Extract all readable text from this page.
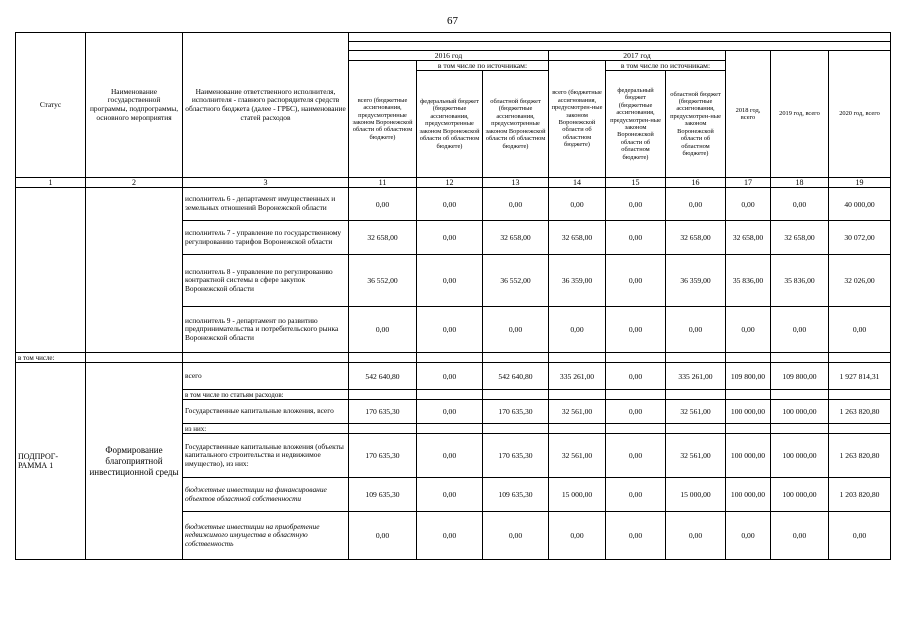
67
Статус	Наименование государственной программы, подпрограммы, основного мероприятия	Наименование ответственного исполнителя, исполнителя - главного распорядителя средств областного бюджета (далее - ГРБС), наименование статей расходов									

			2016 год			2017 год			2018 год, всего	2019 год, всего	2020 год, всего
			всего (бюджетные ассигнования, предусмотренные законом Воронежской области об областном бюджете)	в том числе по источникам:		всего (бюджетные ассигнования, предусмотрен-ные законом Воронежской области об областном бюджете)	в том числе по источникам:				
				федеральный бюджет (бюджетные ассигнования, предусмотренные законом Воронежской области об областном бюджете)	областной бюджет (бюджетные ассигнования, предусмотренные законом Воронежской области об областном бюджете)		федеральный бюджет (бюджетные ассигнования, предусмотрен-ные законом Воронежской области об областном бюджете)	областной бюджет (бюджетные ассигнования, предусмотрен-ные законом Воронежской области об областном бюджете)			
1	2	3	11	12	13	14	15	16	17	18	19
		исполнитель 6 - департамент имущественных и земельных отношений Воронежской области	0,00	0,00	0,00	0,00	0,00	0,00	0,00	0,00	40 000,00
		исполнитель 7 - управление по государственному регулированию тарифов Воронежской области	32 658,00	0,00	32 658,00	32 658,00	0,00	32 658,00	32 658,00	32 658,00	30 072,00
		исполнитель 8 - управление по регулированию контрактной системы в сфере закупок Воронежской области	36 552,00	0,00	36 552,00	36 359,00	0,00	36 359,00	35 836,00	35 836,00	32 026,00
		исполнитель 9 - департамент по развитию предпринимательства и потребительского рынка Воронежской области	0,00	0,00	0,00	0,00	0,00	0,00	0,00	0,00	0,00
в том числе:											
ПОДПРОГ-РАММА 1	Формирование благоприятной инвестиционной среды	всего	542 640,80	0,00	542 640,80	335 261,00	0,00	335 261,00	109 800,00	109 800,00	1 927 814,31
		в том числе по статьям расходов:									
		Государственные капитальные вложения, всего	170 635,30	0,00	170 635,30	32 561,00	0,00	32 561,00	100 000,00	100 000,00	1 263 820,80
		из них:									
		Государственные капитальные вложения (объекты капитального строительства и недвижимое имущество), из них:	170 635,30	0,00	170 635,30	32 561,00	0,00	32 561,00	100 000,00	100 000,00	1 263 820,80
		бюджетные инвестиции на финансирование объектов областной собственности	109 635,30	0,00	109 635,30	15 000,00	0,00	15 000,00	100 000,00	100 000,00	1 203 820,80
		бюджетные инвестиции на приобретение недвижимого имущества в областную собственность	0,00	0,00	0,00	0,00	0,00	0,00	0,00	0,00	0,00
